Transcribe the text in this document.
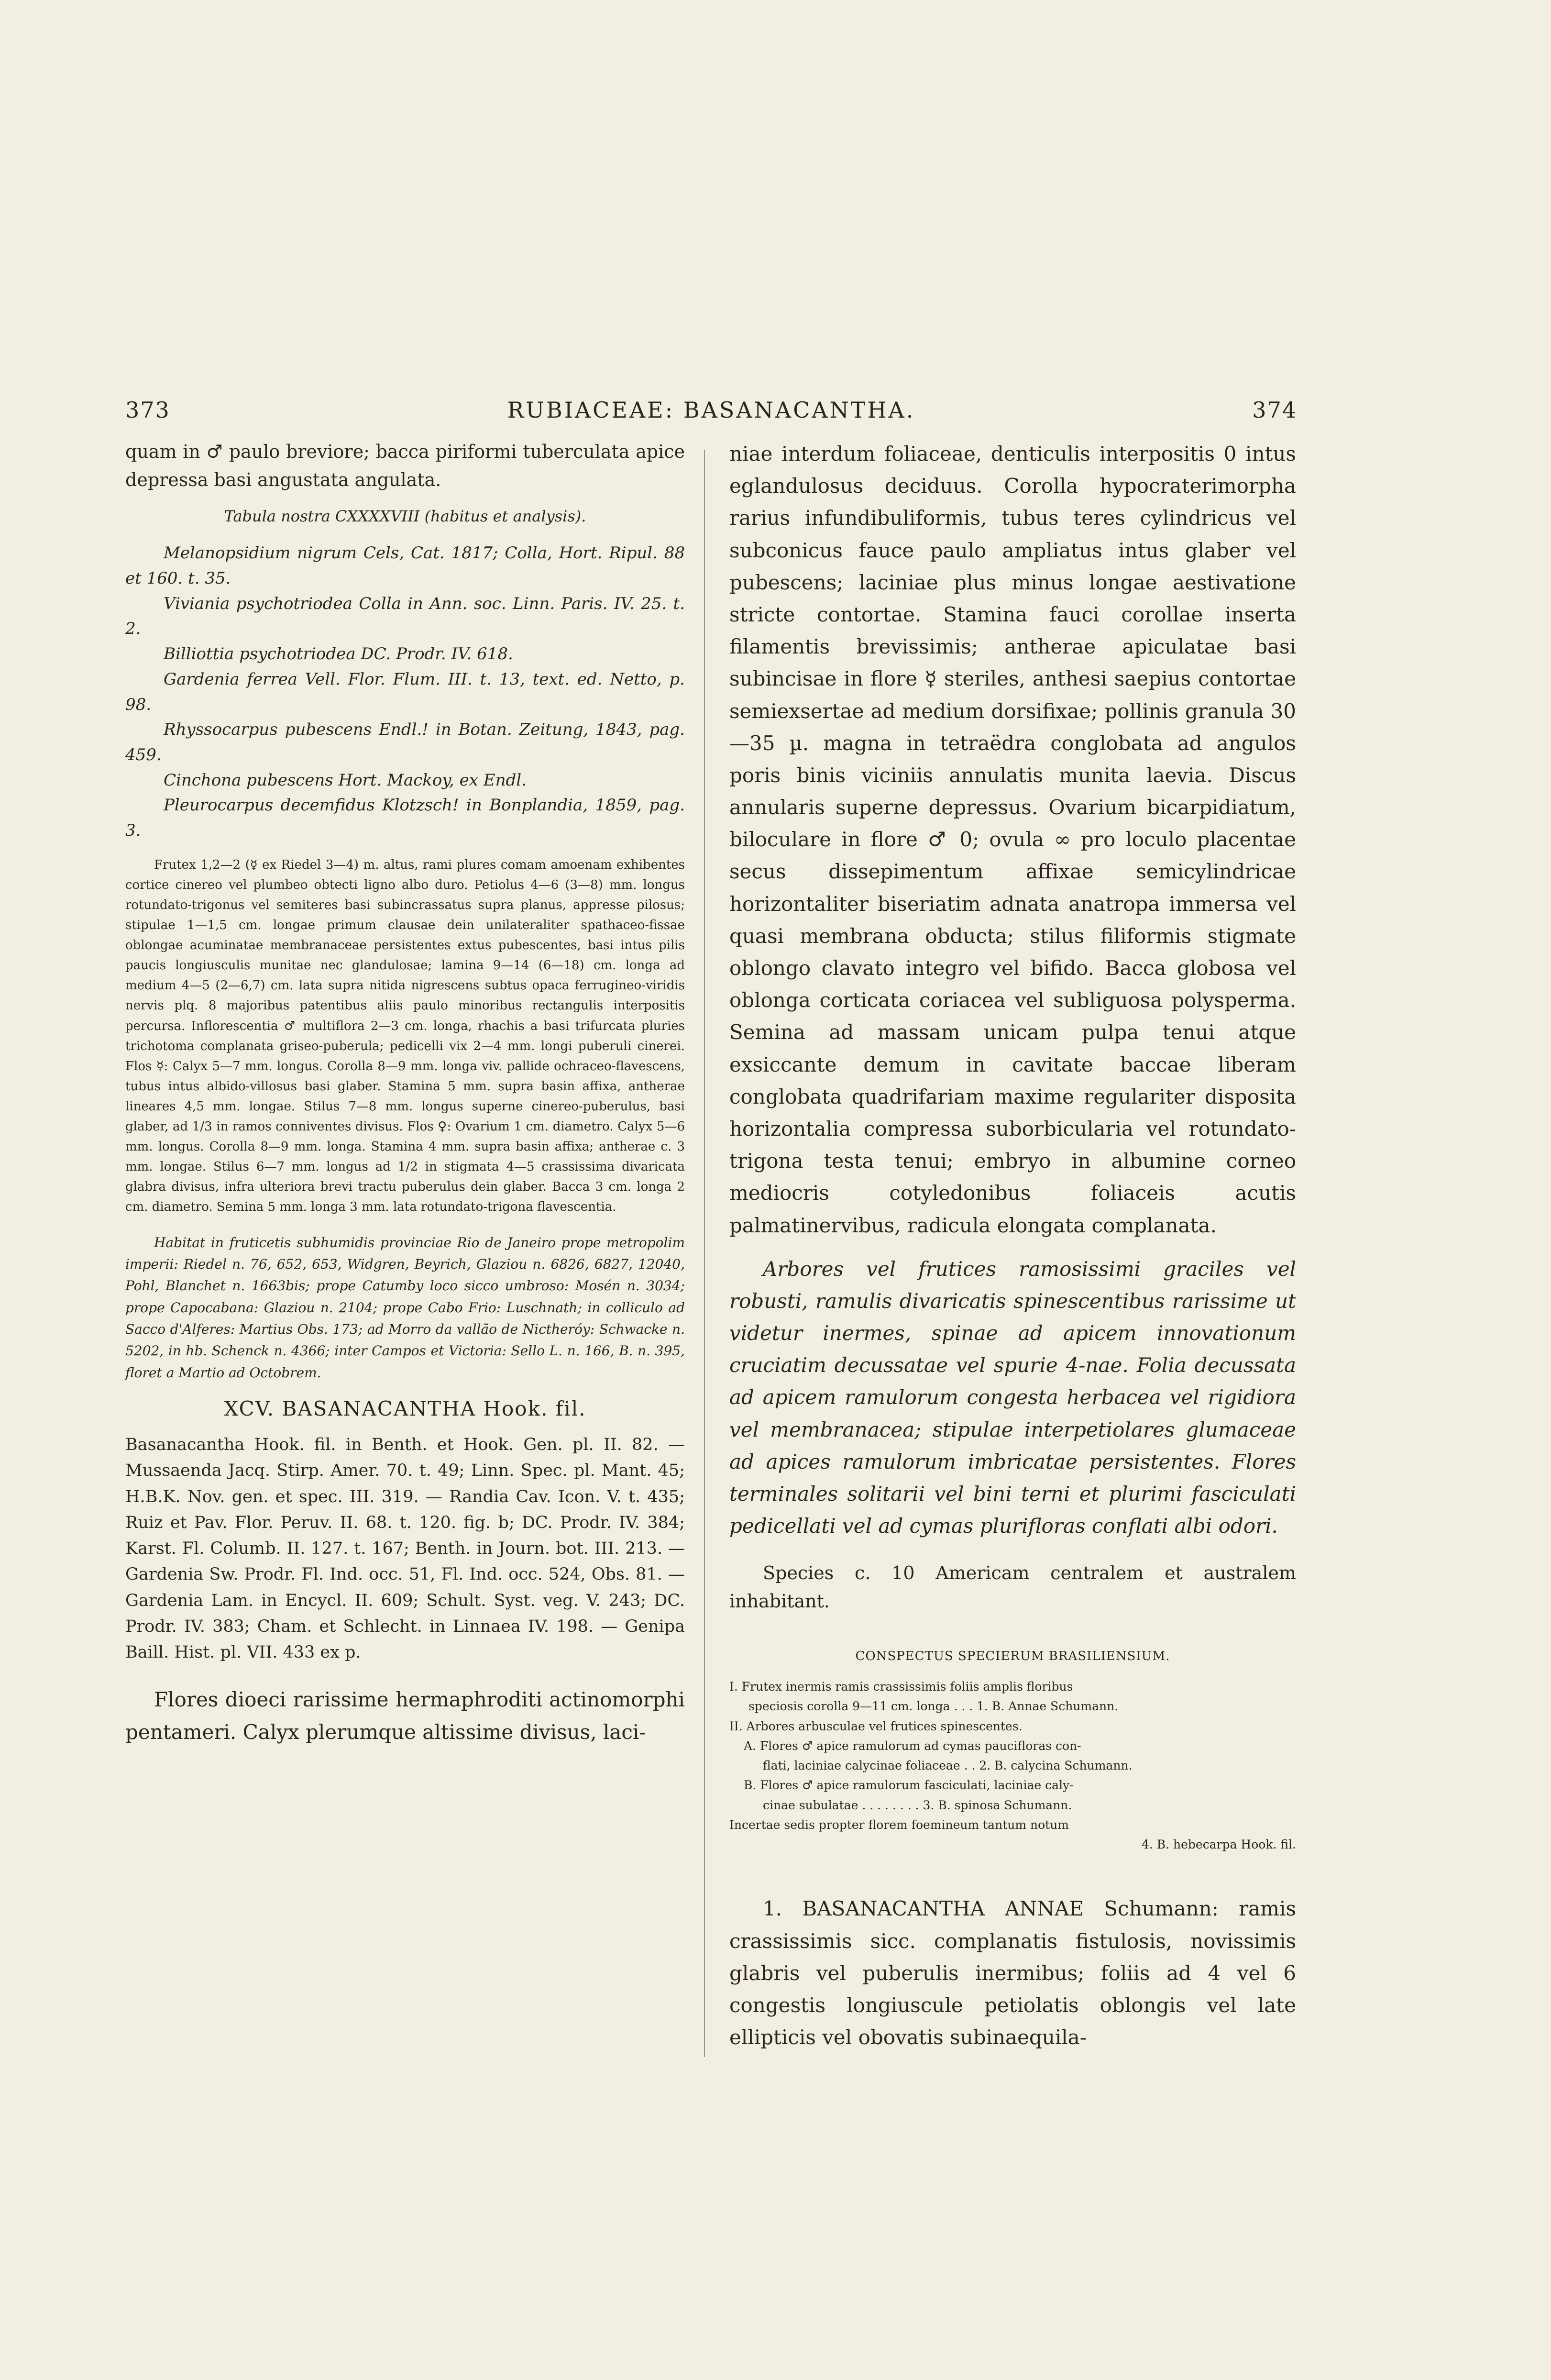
373	RUBIACEAE: BASANACANTHA.	374

quam in ♂ paulo breviore; bacca piriformi tuberculata apice depressa basi angustata angulata.

Tabula nostra CXXXXVIII (habitus et analysis).

Melanopsidium nigrum Cels, Cat. 1817; Colla, Hort. Ripul. 88 et 160. t. 35.

Viviania psychotriodea Colla in Ann. soc. Linn. Paris. IV. 25. t. 2.

Billiottia psychotriodea DC. Prodr. IV. 618.

Gardenia ferrea Vell. Flor. Flum. III. t. 13, text. ed. Netto, p. 98.

Rhyssocarpus pubescens Endl.! in Botan. Zeitung, 1843, pag. 459.

Cinchona pubescens Hort. Mackoy, ex Endl.

Pleurocarpus decemfidus Klotzsch! in Bonplandia, 1859, pag. 3.

Frutex 1,2—2 (☿ ex Riedel 3—4) m. altus, rami plures comam amoenam exhibentes cortice cinereo vel plumbeo obtecti ligno albo duro. Petiolus 4—6 (3—8) mm. longus rotundato-trigonus vel semiteres basi subincrassatus supra planus, appresse pilosus; stipulae 1—1,5 cm. longae primum clausae dein unilateraliter spathaceo-fissae oblongae acuminatae membranaceae persistentes extus pubescentes, basi intus pilis paucis longiusculis munitae nec glandulosae; lamina 9—14 (6—18) cm. longa ad medium 4—5 (2—6,7) cm. lata supra nitida nigrescens subtus opaca ferrugineo-viridis nervis plq. 8 majoribus patentibus aliis paulo minoribus rectangulis interpositis percursa. Inflorescentia ♂ multiflora 2—3 cm. longa, rhachis a basi trifurcata pluries trichotoma complanata griseo-puberula; pedicelli vix 2—4 mm. longi puberuli cinerei. Flos ☿: Calyx 5—7 mm. longus. Corolla 8—9 mm. longa viv. pallide ochraceo-flavescens, tubus intus albido-villosus basi glaber. Stamina 5 mm. supra basin affixa, antherae lineares 4,5 mm. longae. Stilus 7—8 mm. longus superne cinereo-puberulus, basi glaber, ad 1/3 in ramos conniventes divisus. Flos ♀: Ovarium 1 cm. diametro. Calyx 5—6 mm. longus. Corolla 8—9 mm. longa. Stamina 4 mm. supra basin affixa; antherae c. 3 mm. longae. Stilus 6—7 mm. longus ad 1/2 in stigmata 4—5 crassissima divaricata glabra divisus, infra ulteriora brevi tractu puberulus dein glaber. Bacca 3 cm. longa 2 cm. diametro. Semina 5 mm. longa 3 mm. lata rotundato-trigona flavescentia.

Habitat in fruticetis subhumidis provinciae Rio de Janeiro prope metropolim imperii: Riedel n. 76, 652, 653, Widgren, Beyrich, Glaziou n. 6826, 6827, 12040, Pohl, Blanchet n. 1663bis; prope Catumby loco sicco umbroso: Mosén n. 3034; prope Capocabana: Glaziou n. 2104; prope Cabo Frio: Luschnath; in colliculo ad Sacco d'Alferes: Martius Obs. 173; ad Morro da vallão de Nictheróy: Schwacke n. 5202, in hb. Schenck n. 4366; inter Campos et Victoria: Sello L. n. 166, B. n. 395, floret a Martio ad Octobrem.

XCV. BASANACANTHA Hook. fil.

Basanacantha Hook. fil. in Benth. et Hook. Gen. pl. II. 82. — Mussaenda Jacq. Stirp. Amer. 70. t. 49; Linn. Spec. pl. Mant. 45; H.B.K. Nov. gen. et spec. III. 319. — Randia Cav. Icon. V. t. 435; Ruiz et Pav. Flor. Peruv. II. 68. t. 120. fig. b; DC. Prodr. IV. 384; Karst. Fl. Columb. II. 127. t. 167; Benth. in Journ. bot. III. 213. — Gardenia Sw. Prodr. Fl. Ind. occ. 51, Fl. Ind. occ. 524, Obs. 81. — Gardenia Lam. in Encycl. II. 609; Schult. Syst. veg. V. 243; DC. Prodr. IV. 383; Cham. et Schlecht. in Linnaea IV. 198. — Genipa Baill. Hist. pl. VII. 433 ex p.

Flores dioeci rarissime hermaphroditi actinomorphi pentameri. Calyx plerumque altissime divisus, laci-

niae interdum foliaceae, denticulis interpositis 0 intus eglandulosus deciduus. Corolla hypocraterimorpha rarius infundibuliformis, tubus teres cylindricus vel subconicus fauce paulo ampliatus intus glaber vel pubescens; laciniae plus minus longae aestivatione stricte contortae. Stamina fauci corollae inserta filamentis brevissimis; antherae apiculatae basi subincisae in flore ☿ steriles, anthesi saepius contortae semiexsertae ad medium dorsifixae; pollinis granula 30—35 µ. magna in tetraëdra conglobata ad angulos poris binis viciniis annulatis munita laevia. Discus annularis superne depressus. Ovarium bicarpidiatum, biloculare in flore ♂ 0; ovula ∞ pro loculo placentae secus dissepimentum affixae semicylindricae horizontaliter biseriatim adnata anatropa immersa vel quasi membrana obducta; stilus filiformis stigmate oblongo clavato integro vel bifido. Bacca globosa vel oblonga corticata coriacea vel subliguosa polysperma. Semina ad massam unicam pulpa tenui atque exsiccante demum in cavitate baccae liberam conglobata quadrifariam maxime regulariter disposita horizontalia compressa suborbicularia vel rotundato-trigona testa tenui; embryo in albumine corneo mediocris cotyledonibus foliaceis acutis palmatinervibus, radicula elongata complanata.

Arbores vel frutices ramosissimi graciles vel robusti, ramulis divaricatis spinescentibus rarissime ut videtur inermes, spinae ad apicem innovationum cruciatim decussatae vel spurie 4-nae. Folia decussata ad apicem ramulorum congesta herbacea vel rigidiora vel membranacea; stipulae interpetiolares glumaceae ad apices ramulorum imbricatae persistentes. Flores terminales solitarii vel bini terni et plurimi fasciculati pedicellati vel ad cymas plurifloras conflati albi odori.

Species c. 10 Americam centralem et australem inhabitant.

CONSPECTUS SPECIERUM BRASILIENSIUM.

I. Frutex inermis ramis crassissimis foliis amplis floribus

speciosis corolla 9—11 cm. longa . . . 1. B. Annae Schumann.

II. Arbores arbusculae vel frutices spinescentes.

A. Flores ♂ apice ramulorum ad cymas paucifloras con-

flati, laciniae calycinae foliaceae . . 2. B. calycina Schumann.

B. Flores ♂ apice ramulorum fasciculati, laciniae caly-

cinae subulatae . . . . . . . . 3. B. spinosa Schumann.

Incertae sedis propter florem foemineum tantum notum

4. B. hebecarpa Hook. fil.

1. BASANACANTHA ANNAE Schumann: ramis crassissimis sicc. complanatis fistulosis, novissimis glabris vel puberulis inermibus; foliis ad 4 vel 6 congestis longiuscule petiolatis oblongis vel late ellipticis vel obovatis subinaequila-
